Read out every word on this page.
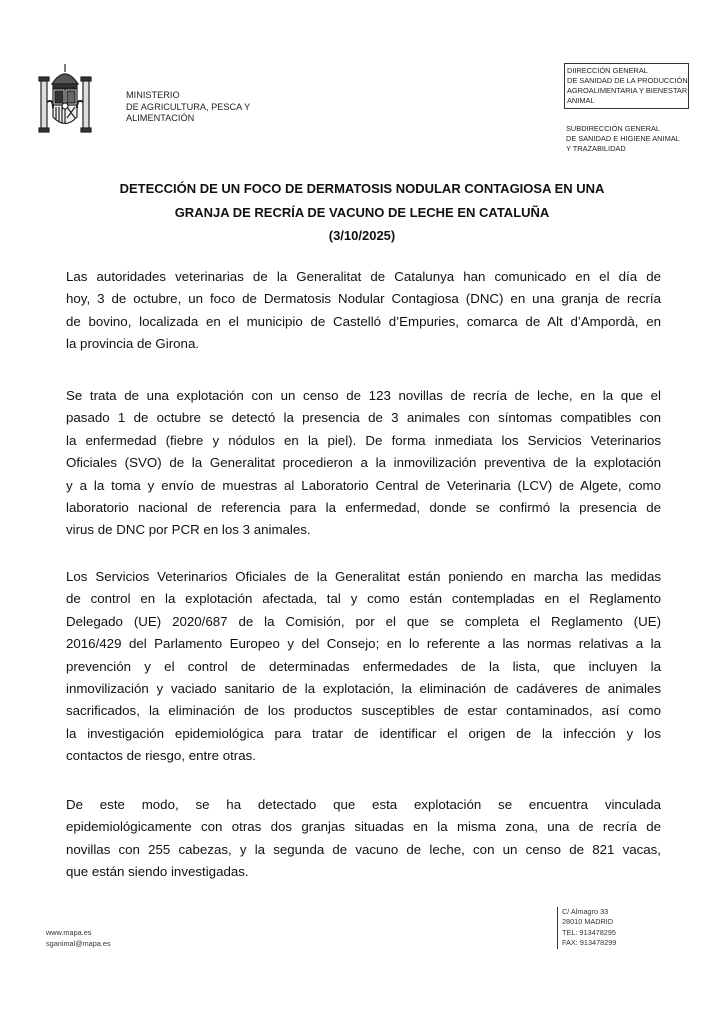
MINISTERIO
DE AGRICULTURA, PESCA Y
ALIMENTACIÓN
DIIRECCIÓN GENERAL
DE SANIDAD DE LA PRODUCCIÓN
AGROALIMENTARIA Y BIENESTAR
ANIMAL
SUBDIRECCIÓN GENERAL
DE SANIDAD E HIGIENE ANIMAL
Y TRAZABILIDAD
DETECCIÓN DE UN FOCO DE DERMATOSIS NODULAR CONTAGIOSA EN UNA
GRANJA DE RECRÍA DE VACUNO DE LECHE EN CATALUÑA
(3/10/2025)
Las autoridades veterinarias de la Generalitat de Catalunya han comunicado en el día de
hoy, 3 de octubre, un foco de Dermatosis Nodular Contagiosa (DNC) en una granja de recría
de bovino, localizada en el municipio de Castelló d’Empuries, comarca de Alt d’Ampordà, en
la provincia de Girona.
Se trata de una explotación con un censo de 123 novillas de recría de leche, en la que el
pasado 1 de octubre se detectó la presencia de 3 animales con síntomas compatibles con
la enfermedad (fiebre y nódulos en la piel). De forma inmediata los Servicios Veterinarios
Oficiales (SVO) de la Generalitat procedieron a la inmovilización preventiva de la explotación
y a la toma y envío de muestras al Laboratorio Central de Veterinaria (LCV) de Algete, como
laboratorio nacional de referencia para la enfermedad, donde se confirmó la presencia de
virus de DNC por PCR en los 3 animales.
Los Servicios Veterinarios Oficiales de la Generalitat están poniendo en marcha las medidas
de control en la explotación afectada, tal y como están contempladas en el Reglamento
Delegado (UE) 2020/687 de la Comisión, por el que se completa el Reglamento (UE)
2016/429 del Parlamento Europeo y del Consejo; en lo referente a las normas relativas a la
prevención y el control de determinadas enfermedades de la lista, que incluyen la
inmovilización y vaciado sanitario de la explotación, la eliminación de cadáveres de animales
sacrificados, la eliminación de los productos susceptibles de estar contaminados, así como
la investigación epidemiológica para tratar de identificar el origen de la infección y los
contactos de riesgo, entre otras.
De este modo, se ha detectado que esta explotación se encuentra vinculada
epidemiológicamente con otras dos granjas situadas en la misma zona, una de recría de
novillas con 255 cabezas, y la segunda de vacuno de leche, con un censo de 821 vacas,
que están siendo investigadas.
www.mapa.es
sganimal@mapa.es
C/ Almagro 33
28010 MADRID
TEL: 913478295
FAX: 913478299
